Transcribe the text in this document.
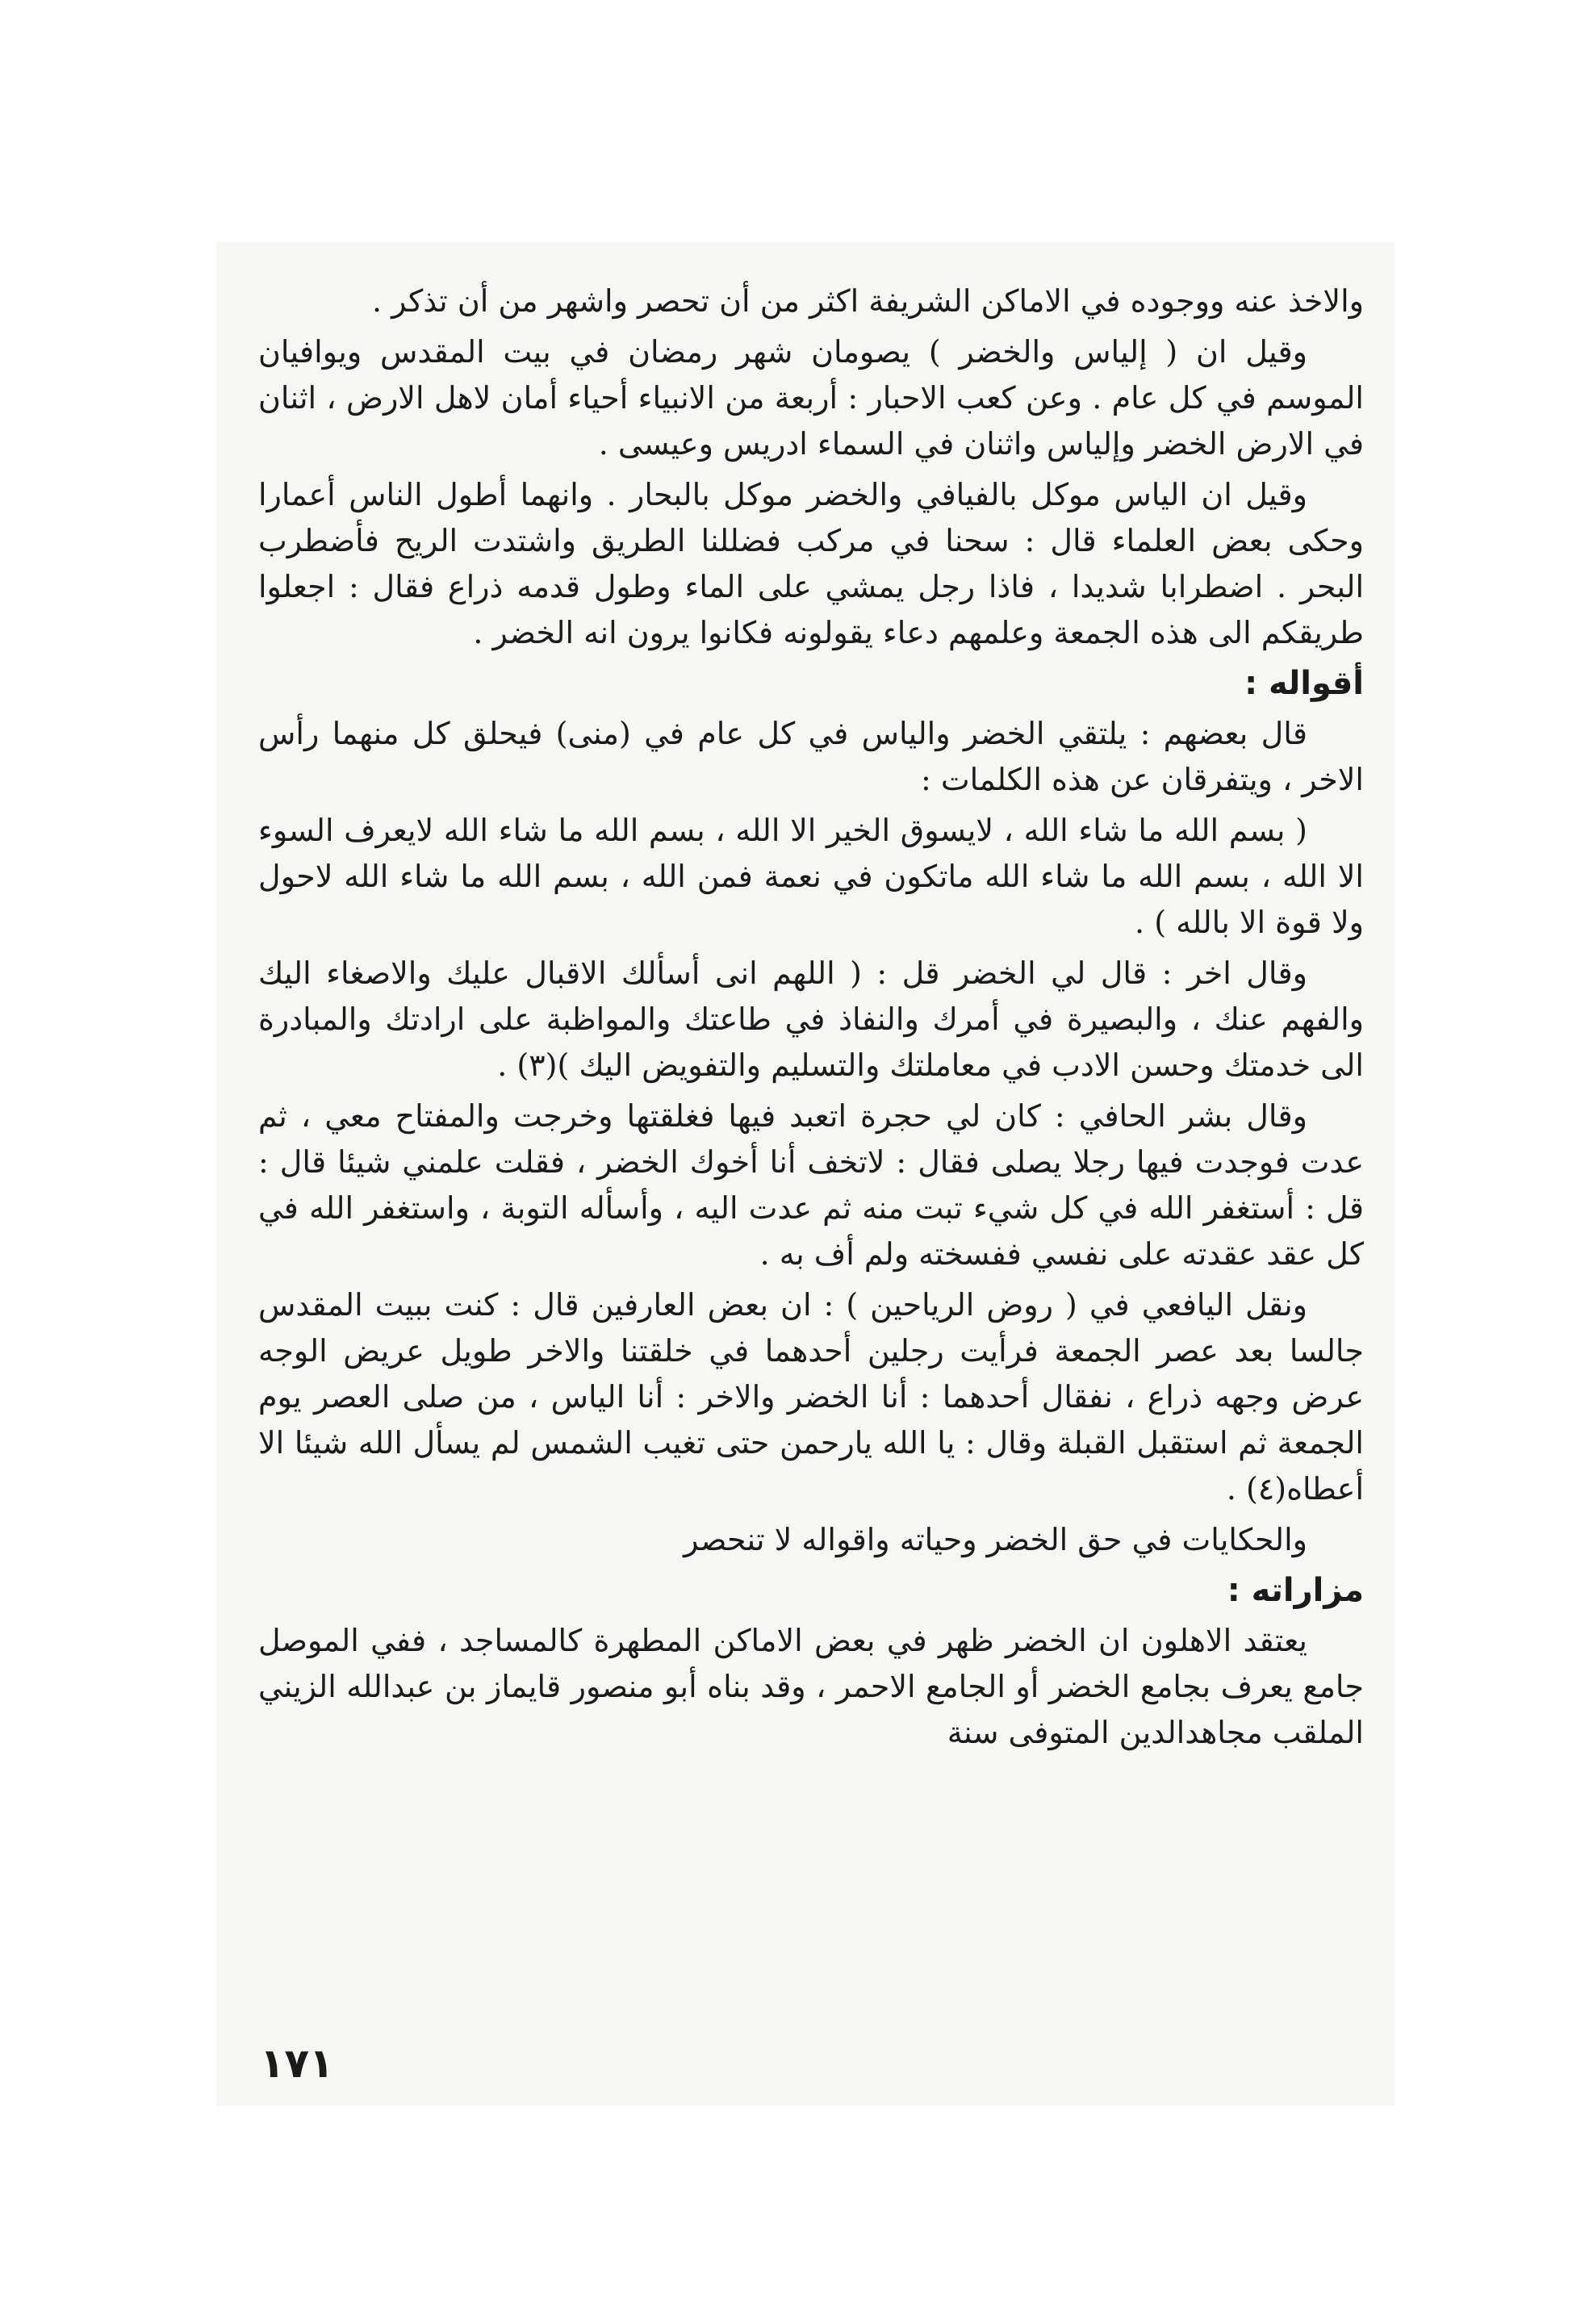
والاخذ عنه ووجوده في الاماكن الشريفة اكثر من أن تحصر واشهر من أن تذكر .

وقيل ان ( إلياس والخضر ) يصومان شهر رمضان في بيت المقدس ويوافيان الموسم في كل عام . وعن كعب الاحبار : أربعة من الانبياء أحياء أمان لاهل الارض ، اثنان في الارض الخضر وإلياس واثنان في السماء ادريس وعيسى .

وقيل ان الياس موكل بالفيافي والخضر موكل بالبحار . وانهما أطول الناس أعمارا وحكى بعض العلماء قال : سحنا في مركب فضللنا الطريق واشتدت الريح فأضطرب البحر . اضطرابا شديدا ، فاذا رجل يمشي على الماء وطول قدمه ذراع فقال : اجعلوا طريقكم الى هذه الجمعة وعلمهم دعاء يقولونه فكانوا يرون انه الخضر .

أقواله :

قال بعضهم : يلتقي الخضر والياس في كل عام في (منى) فيحلق كل منهما رأس الاخر ، ويتفرقان عن هذه الكلمات :

( بسم الله ما شاء الله ، لايسوق الخير الا الله ، بسم الله ما شاء الله لايعرف السوء الا الله ، بسم الله ما شاء الله ماتكون في نعمة فمن الله ، بسم الله ما شاء الله لاحول ولا قوة الا بالله ) .

وقال اخر : قال لي الخضر قل : ( اللهم انى أسألك الاقبال عليك والاصغاء اليك والفهم عنك ، والبصيرة في أمرك والنفاذ في طاعتك والمواظبة على ارادتك والمبادرة الى خدمتك وحسن الادب في معاملتك والتسليم والتفويض اليك )(٣) .

وقال بشر الحافي : كان لي حجرة اتعبد فيها فغلقتها وخرجت والمفتاح معي ، ثم عدت فوجدت فيها رجلا يصلى فقال : لاتخف أنا أخوك الخضر ، فقلت علمني شيئا قال : قل : أستغفر الله في كل شيء تبت منه ثم عدت اليه ، وأسأله التوبة ، واستغفر الله في كل عقد عقدته على نفسي ففسخته ولم أف به .

ونقل اليافعي في ( روض الرياحين ) : ان بعض العارفين قال : كنت ببيت المقدس جالسا بعد عصر الجمعة فرأيت رجلين أحدهما في خلقتنا والاخر طويل عريض الوجه عرض وجهه ذراع ، نفقال أحدهما : أنا الخضر والاخر : أنا الياس ، من صلى العصر يوم الجمعة ثم استقبل القبلة وقال : يا الله يارحمن حتى تغيب الشمس لم يسأل الله شيئا الا أعطاه(٤) .

والحكايات في حق الخضر وحياته واقواله لا تنحصر

مزاراته :

يعتقد الاهلون ان الخضر ظهر في بعض الاماكن المطهرة كالمساجد ، ففي الموصل جامع يعرف بجامع الخضر أو الجامع الاحمر ، وقد بناه أبو منصور قايماز بن عبدالله الزيني الملقب مجاهدالدين المتوفى سنة

١٧١
